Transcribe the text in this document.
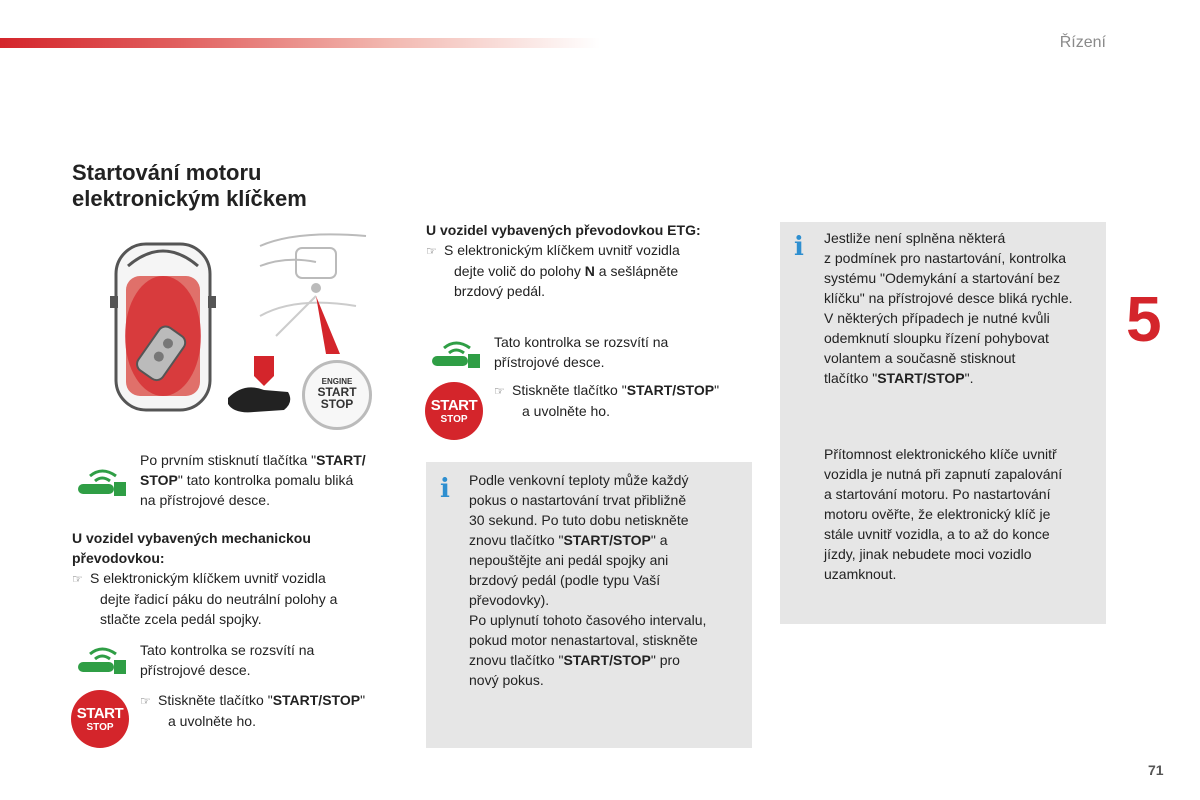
Řízení
5
71
Startování motoru
elektronickým klíčkem
ENGINE
START
STOP
Po prvním stisknutí tlačítka "START/
STOP" tato kontrolka pomalu bliká
na přístrojové desce.
U vozidel vybavených mechanickou
převodovkou:
☞ S elektronickým klíčkem uvnitř vozidla
dejte řadicí páku do neutrální polohy a
stlačte zcela pedál spojky.
Tato kontrolka se rozsvítí na
přístrojové desce.
START
STOP
☞ Stiskněte tlačítko "START/STOP"
a uvolněte ho.
U vozidel vybavených převodovkou ETG:
☞ S elektronickým klíčkem uvnitř vozidla
dejte volič do polohy N a sešlápněte
brzdový pedál.
Tato kontrolka se rozsvítí na
přístrojové desce.
START
STOP
☞ Stiskněte tlačítko "START/STOP"
a uvolněte ho.
i Podle venkovní teploty může každý
pokus o nastartování trvat přibližně
30 sekund. Po tuto dobu netiskněte
znovu tlačítko "START/STOP" a
nepouštějte ani pedál spojky ani
brzdový pedál (podle typu Vaší
převodovky).
Po uplynutí tohoto časového intervalu,
pokud motor nenastartoval, stiskněte
znovu tlačítko "START/STOP" pro
nový pokus.
i Jestliže není splněna některá
z podmínek pro nastartování, kontrolka
systému "Odemykání a startování bez
klíčku" na přístrojové desce bliká rychle.
V některých případech je nutné kvůli
odemknutí sloupku řízení pohybovat
volantem a současně stisknout
tlačítko "START/STOP".
Přítomnost elektronického klíče uvnitř
vozidla je nutná při zapnutí zapalování
a startování motoru. Po nastartování
motoru ověřte, že elektronický klíč je
stále uvnitř vozidla, a to až do konce
jízdy, jinak nebudete moci vozidlo
uzamknout.
